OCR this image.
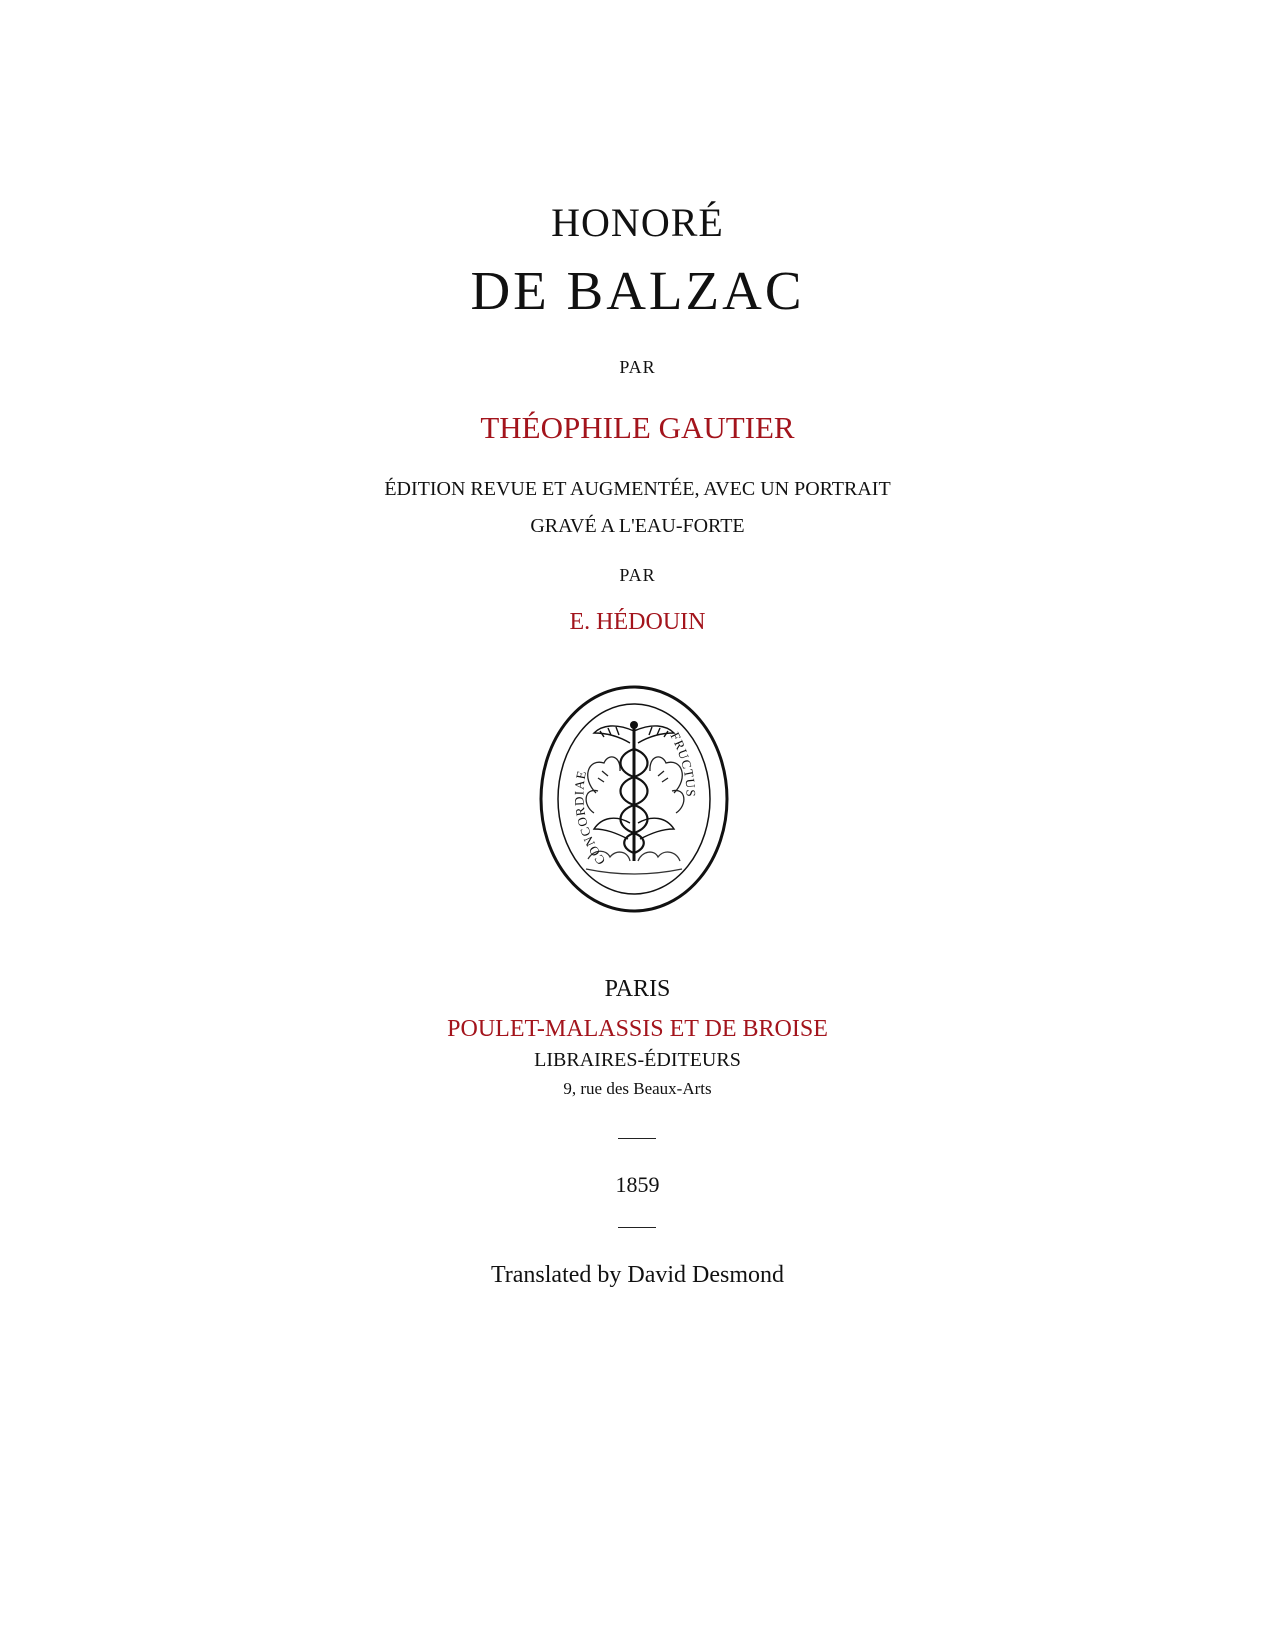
HONORÉ
DE BALZAC
PAR
THÉOPHILE GAUTIER
ÉDITION REVUE ET AUGMENTÉE, AVEC UN PORTRAIT
GRAVÉ A L'EAU-FORTE
PAR
E. HÉDOUIN
CONCORDIAE
FRUCTUS
PARIS
POULET-MALASSIS ET DE BROISE
LIBRAIRES-ÉDITEURS
9, rue des Beaux-Arts
1859
Translated by David Desmond
